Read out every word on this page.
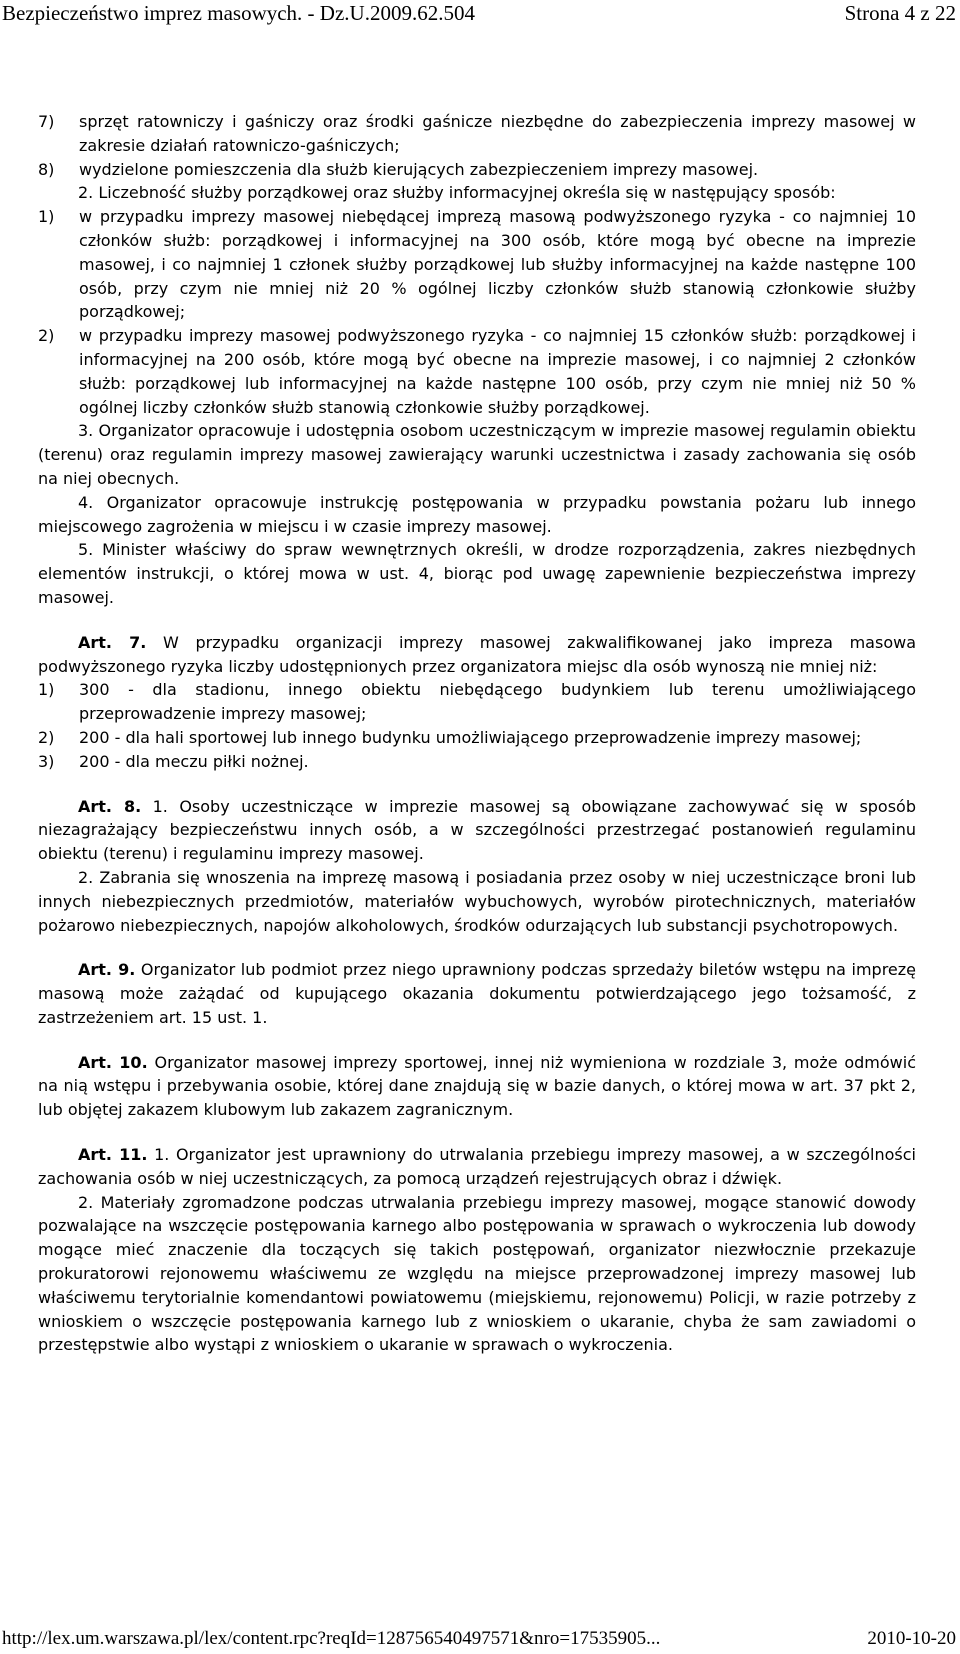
Bezpieczeństwo imprez masowych. - Dz.U.2009.62.504	Strona 4 z 22
7) sprzęt ratowniczy i gaśniczy oraz środki gaśnicze niezbędne do zabezpieczenia imprezy masowej w zakresie działań ratowniczo-gaśniczych;
8) wydzielone pomieszczenia dla służb kierujących zabezpieczeniem imprezy masowej.

2. Liczebność służby porządkowej oraz służby informacyjnej określa się w następujący sposób:

1) w przypadku imprezy masowej niebędącej imprezą masową podwyższonego ryzyka - co najmniej 10 członków służb: porządkowej i informacyjnej na 300 osób, które mogą być obecne na imprezie masowej, i co najmniej 1 członek służby porządkowej lub służby informacyjnej na każde następne 100 osób, przy czym nie mniej niż 20 % ogólnej liczby członków służb stanowią członkowie służby porządkowej;
2) w przypadku imprezy masowej podwyższonego ryzyka - co najmniej 15 członków służb: porządkowej i informacyjnej na 200 osób, które mogą być obecne na imprezie masowej, i co najmniej 2 członków służb: porządkowej lub informacyjnej na każde następne 100 osób, przy czym nie mniej niż 50 % ogólnej liczby członków służb stanowią członkowie służby porządkowej.

3. Organizator opracowuje i udostępnia osobom uczestniczącym w imprezie masowej regulamin obiektu (terenu) oraz regulamin imprezy masowej zawierający warunki uczestnictwa i zasady zachowania się osób na niej obecnych.

4. Organizator opracowuje instrukcję postępowania w przypadku powstania pożaru lub innego miejscowego zagrożenia w miejscu i w czasie imprezy masowej.

5. Minister właściwy do spraw wewnętrznych określi, w drodze rozporządzenia, zakres niezbędnych elementów instrukcji, o której mowa w ust. 4, biorąc pod uwagę zapewnienie bezpieczeństwa imprezy masowej.

Art. 7. W przypadku organizacji imprezy masowej zakwalifikowanej jako impreza masowa podwyższonego ryzyka liczby udostępnionych przez organizatora miejsc dla osób wynoszą nie mniej niż:

1) 300 - dla stadionu, innego obiektu niebędącego budynkiem lub terenu umożliwiającego przeprowadzenie imprezy masowej;
2) 200 - dla hali sportowej lub innego budynku umożliwiającego przeprowadzenie imprezy masowej;
3) 200 - dla meczu piłki nożnej.

Art. 8. 1. Osoby uczestniczące w imprezie masowej są obowiązane zachowywać się w sposób niezagrażający bezpieczeństwu innych osób, a w szczególności przestrzegać postanowień regulaminu obiektu (terenu) i regulaminu imprezy masowej.

2. Zabrania się wnoszenia na imprezę masową i posiadania przez osoby w niej uczestniczące broni lub innych niebezpiecznych przedmiotów, materiałów wybuchowych, wyrobów pirotechnicznych, materiałów pożarowo niebezpiecznych, napojów alkoholowych, środków odurzających lub substancji psychotropowych.

Art. 9. Organizator lub podmiot przez niego uprawniony podczas sprzedaży biletów wstępu na imprezę masową może zażądać od kupującego okazania dokumentu potwierdzającego jego tożsamość, z zastrzeżeniem art. 15 ust. 1.

Art. 10. Organizator masowej imprezy sportowej, innej niż wymieniona w rozdziale 3, może odmówić na nią wstępu i przebywania osobie, której dane znajdują się w bazie danych, o której mowa w art. 37 pkt 2, lub objętej zakazem klubowym lub zakazem zagranicznym.

Art. 11. 1. Organizator jest uprawniony do utrwalania przebiegu imprezy masowej, a w szczególności zachowania osób w niej uczestniczących, za pomocą urządzeń rejestrujących obraz i dźwięk.

2. Materiały zgromadzone podczas utrwalania przebiegu imprezy masowej, mogące stanowić dowody pozwalające na wszczęcie postępowania karnego albo postępowania w sprawach o wykroczenia lub dowody mogące mieć znaczenie dla toczących się takich postępowań, organizator niezwłocznie przekazuje prokuratorowi rejonowemu właściwemu ze względu na miejsce przeprowadzonej imprezy masowej lub właściwemu terytorialnie komendantowi powiatowemu (miejskiemu, rejonowemu) Policji, w razie potrzeby z wnioskiem o wszczęcie postępowania karnego lub z wnioskiem o ukaranie, chyba że sam zawiadomi o przestępstwie albo wystąpi z wnioskiem o ukaranie w sprawach o wykroczenia.

http://lex.um.warszawa.pl/lex/content.rpc?reqId=128756540497571&nro=17535905...	2010-10-20
